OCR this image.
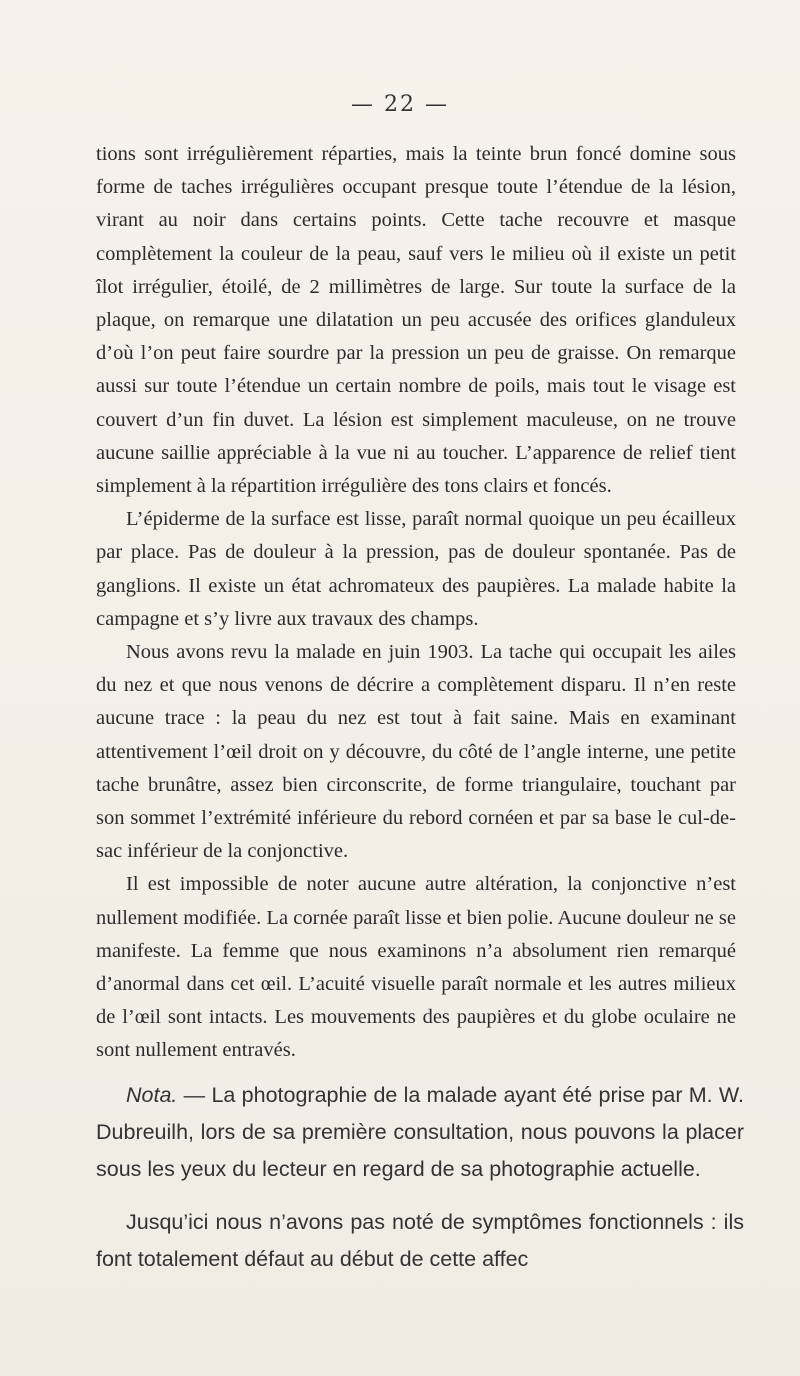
— 22 —

tions sont irrégulièrement réparties, mais la teinte brun foncé domine sous forme de taches irrégulières occupant presque toute l’étendue de la lésion, virant au noir dans certains points. Cette tache recouvre et masque complètement la couleur de la peau, sauf vers le milieu où il existe un petit îlot irrégulier, étoilé, de 2 millimètres de large. Sur toute la surface de la plaque, on remarque une dilatation un peu accusée des orifices glanduleux d’où l’on peut faire sourdre par la pression un peu de graisse. On remarque aussi sur toute l’étendue un certain nombre de poils, mais tout le visage est couvert d’un fin duvet. La lésion est simplement maculeuse, on ne trouve aucune saillie appréciable à la vue ni au toucher. L’apparence de relief tient simplement à la répartition irrégulière des tons clairs et foncés.

L’épiderme de la surface est lisse, paraît normal quoique un peu écailleux par place. Pas de douleur à la pression, pas de douleur spontanée. Pas de ganglions. Il existe un état achromateux des paupières. La malade habite la campagne et s’y livre aux travaux des champs.

Nous avons revu la malade en juin 1903. La tache qui occupait les ailes du nez et que nous venons de décrire a complètement disparu. Il n’en reste aucune trace : la peau du nez est tout à fait saine. Mais en examinant attentivement l’œil droit on y découvre, du côté de l’angle interne, une petite tache brunâtre, assez bien circonscrite, de forme triangulaire, touchant par son sommet l’extrémité inférieure du rebord cornéen et par sa base le cul-de-sac inférieur de la conjonctive.

Il est impossible de noter aucune autre altération, la conjonctive n’est nullement modifiée. La cornée paraît lisse et bien polie. Aucune douleur ne se manifeste. La femme que nous examinons n’a absolument rien remarqué d’anormal dans cet œil. L’acuité visuelle paraît normale et les autres milieux de l’œil sont intacts. Les mouvements des paupières et du globe oculaire ne sont nullement entravés.

Nota. — La photographie de la malade ayant été prise par M. W. Dubreuilh, lors de sa première consultation, nous pouvons la placer sous les yeux du lecteur en regard de sa photographie actuelle.

Jusqu’ici nous n’avons pas noté de symptômes fonctionnels : ils font totalement défaut au début de cette affec
